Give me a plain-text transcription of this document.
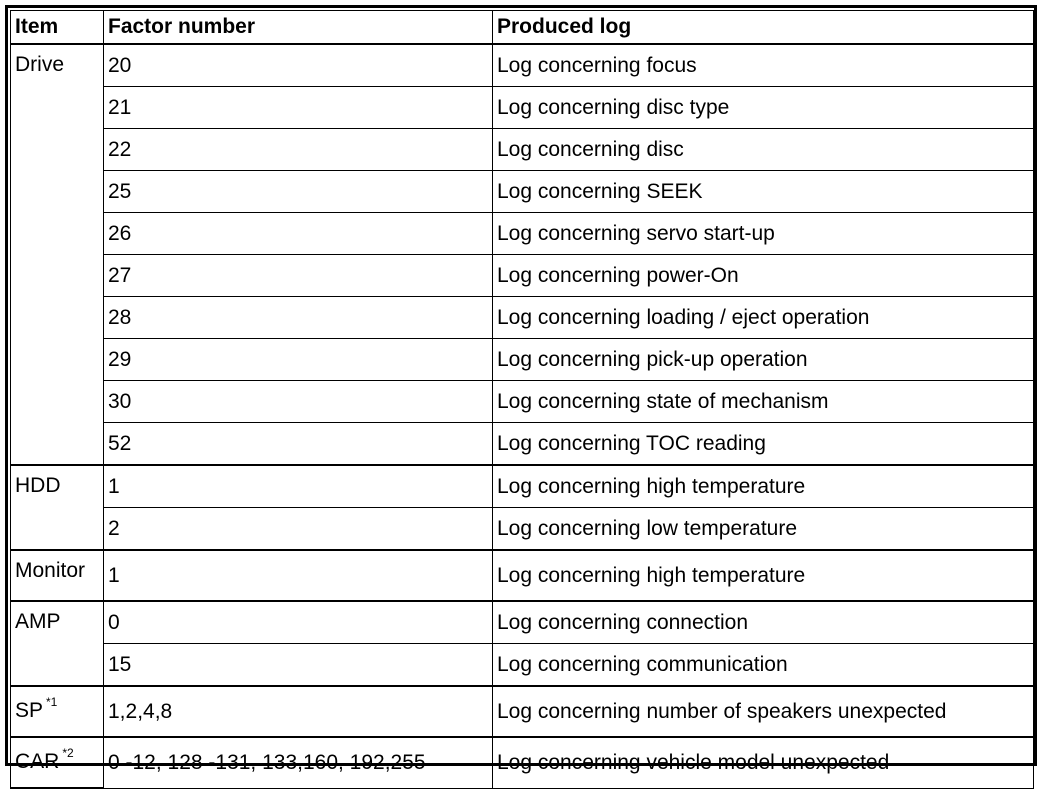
Item	Factor number	Produced log
Drive	20	Log concerning focus
	21	Log concerning disc type
	22	Log concerning disc
	25	Log concerning SEEK
	26	Log concerning servo start-up
	27	Log concerning power-On
	28	Log concerning loading / eject operation
	29	Log concerning pick-up operation
	30	Log concerning state of mechanism
	52	Log concerning TOC reading
HDD	1	Log concerning high temperature
	2	Log concerning low temperature
Monitor	1	Log concerning high temperature
AMP	0	Log concerning connection
	15	Log concerning communication
SP $^{*1}$	1,2,4,8	Log concerning number of speakers unexpected
CAR $^{*2}$	0 -12, 128 -131, 133,160, 192,255	Log concerning vehicle model unexpected
